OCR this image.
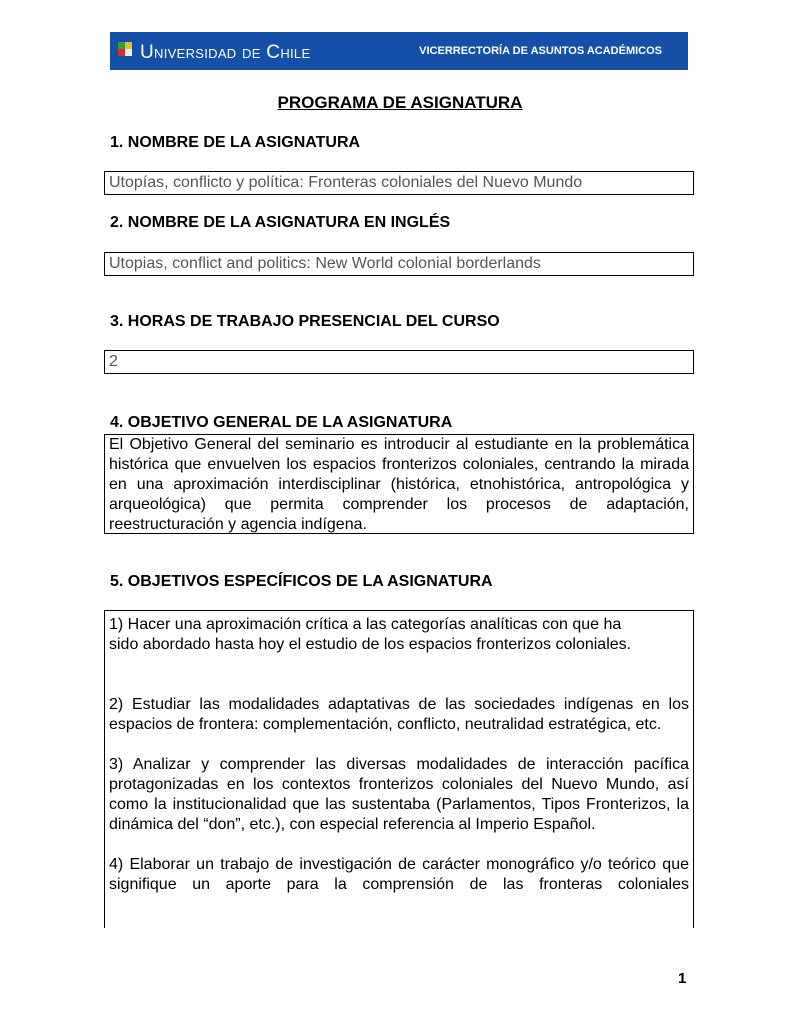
Universidad de Chile	VICERRECTORÍA DE ASUNTOS ACADÉMICOS
PROGRAMA DE ASIGNATURA

1. NOMBRE DE LA ASIGNATURA

Utopías, conflicto y política: Fronteras coloniales del Nuevo Mundo

2. NOMBRE DE LA ASIGNATURA EN INGLÉS

Utopias, conflict and politics: New World colonial borderlands

3. HORAS DE TRABAJO PRESENCIAL DEL CURSO

2

4. OBJETIVO GENERAL DE LA ASIGNATURA

El Objetivo General del seminario es introducir al estudiante en la problemática histórica que envuelven los espacios fronterizos coloniales, centrando la mirada en una aproximación interdisciplinar (histórica, etnohistórica, antropológica y arqueológica) que permita comprender los procesos de adaptación, reestructuración y agencia indígena.

5. OBJETIVOS ESPECÍFICOS DE LA ASIGNATURA

1) Hacer una aproximación crítica a las categorías analíticas con que ha sido abordado hasta hoy el estudio de los espacios fronterizos coloniales.

2) Estudiar las modalidades adaptativas de las sociedades indígenas en los espacios de frontera: complementación, conflicto, neutralidad estratégica, etc.

3) Analizar y comprender las diversas modalidades de interacción pacífica protagonizadas en los contextos fronterizos coloniales del Nuevo Mundo, así como la institucionalidad que las sustentaba (Parlamentos, Tipos Fronterizos, la dinámica del “don”, etc.), con especial referencia al Imperio Español.

4) Elaborar un trabajo de investigación de carácter monográfico y/o teórico que signifique un aporte para la comprensión de las fronteras coloniales

1
